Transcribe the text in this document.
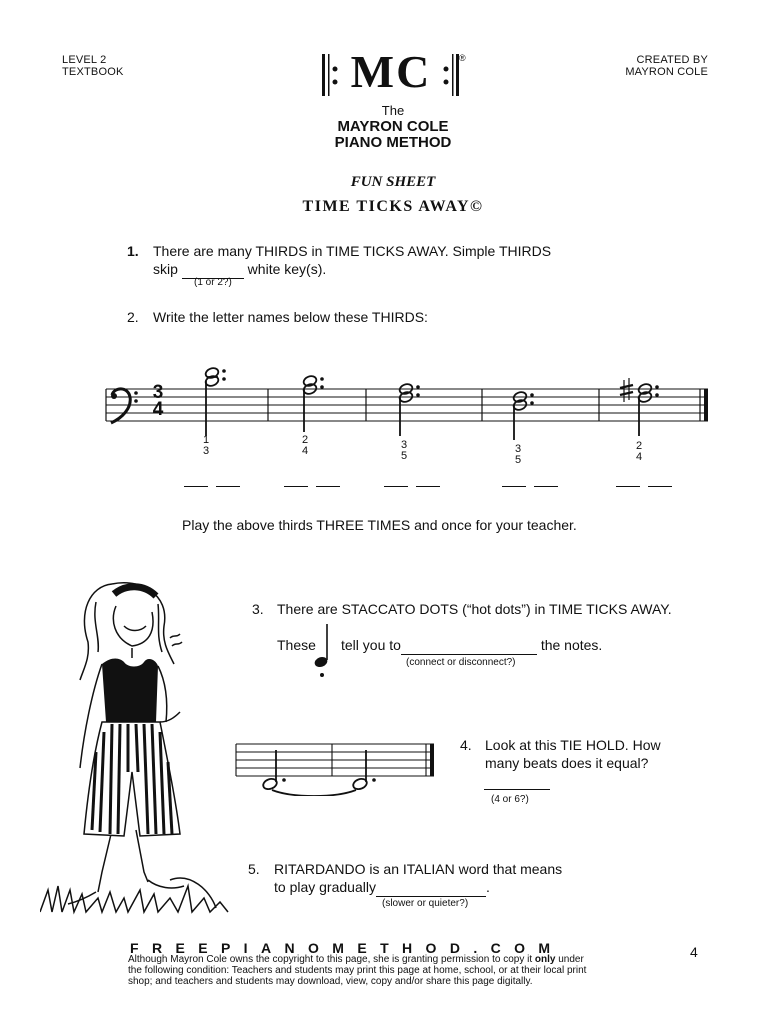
LEVEL 2
TEXTBOOK
CREATED BY
MAYRON COLE
MC	®
The
MAYRON COLE
PIANO METHOD
FUN SHEET
TIME TICKS AWAY©
1. There are many THIRDS in TIME TICKS AWAY. Simple THIRDS
skip	white key(s).
(1 or 2?)
2. Write the letter names below these THIRDS:
3
4
1
3
2
4	3
5
3
5
2
4
Play the above thirds THREE TIMES and once for your teacher.
3. There are STACCATO DOTS (“hot dots”) in TIME TICKS AWAY.
These tell you to	the notes.
(connect or disconnect?)
4. Look at this TIE HOLD. How
many beats does it equal?
(4 or 6?)
5. RITARDANDO is an ITALIAN word that means
to play gradually	.
(slower or quieter?)
FREEPIANOMETHOD.COM	4
Although Mayron Cole owns the copyright to this page, she is granting permission to copy it only under
the following condition: Teachers and students may print this page at home, school, or at their local print
shop; and teachers and students may download, view, copy and/or share this page digitally.
